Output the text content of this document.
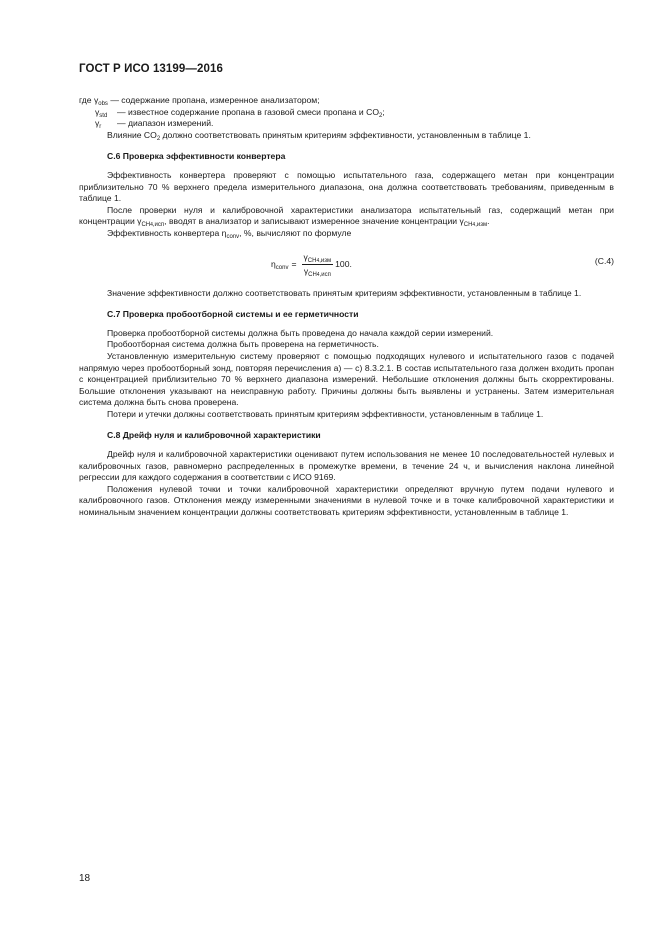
ГОСТ Р ИСО 13199—2016
где $\gamma_{obs}$ — содержание пропана, измеренное анализатором;
$\gamma_{std}$	— известное содержание пропана в газовой смеси пропана и $CO_2$;
$\gamma_r$	— диапазон измерений.

Влияние $CO_2$ должно соответствовать принятым критериям эффективности, установленным в таблице 1.

С.6 Проверка эффективности конвертера

Эффективность конвертера проверяют с помощью испытательного газа, содержащего метан при концентрации приблизительно 70 % верхнего предела измерительного диапазона, она должна соответствовать требованиям, приведенным в таблице 1.

После проверки нуля и калибровочной характеристики анализатора испытательный газ, содержащий метан при концентрации $\gamma_{CH4,исп}$, вводят в анализатор и записывают измеренное значение концентрации $\gamma_{CH4,изм}$.

Эффективность конвертера $\eta_{conv}$, %, вычисляют по формуле

$\eta_{conv} = \frac{\gamma_{CH4,изм}}{\gamma_{CH4,исп}} 100$ .	(C.4)

Значение эффективности должно соответствовать принятым критериям эффективности, установленным в таблице 1.

С.7 Проверка пробоотборной системы и ее герметичности

Проверка пробоотборной системы должна быть проведена до начала каждой серии измерений.

Пробоотборная система должна быть проверена на герметичность.

Установленную измерительную систему проверяют с помощью подходящих нулевого и испытательного газов с подачей напрямую через пробоотборный зонд, повторяя перечисления а) — с) 8.3.2.1. В состав испытательного газа должен входить пропан с концентрацией приблизительно 70 % верхнего диапазона измерений. Небольшие отклонения должны быть скорректированы. Большие отклонения указывают на неисправную работу. Причины должны быть выявлены и устранены. Затем измерительная система должна быть снова проверена.

Потери и утечки должны соответствовать принятым критериям эффективности, установленным в таблице 1.

С.8 Дрейф нуля и калибровочной характеристики

Дрейф нуля и калибровочной характеристики оценивают путем использования не менее 10 последовательностей нулевых и калибровочных газов, равномерно распределенных в промежутке времени, в течение 24 ч, и вычисления наклона линейной регрессии для каждого содержания в соответствии с ИСО 9169.

Положения нулевой точки и точки калибровочной характеристики определяют вручную путем подачи нулевого и калибровочного газов. Отклонения между измеренными значениями в нулевой точке и в точке калибровочной характеристики и номинальным значением концентрации должны соответствовать критериям эффективности, установленным в таблице 1.

18
